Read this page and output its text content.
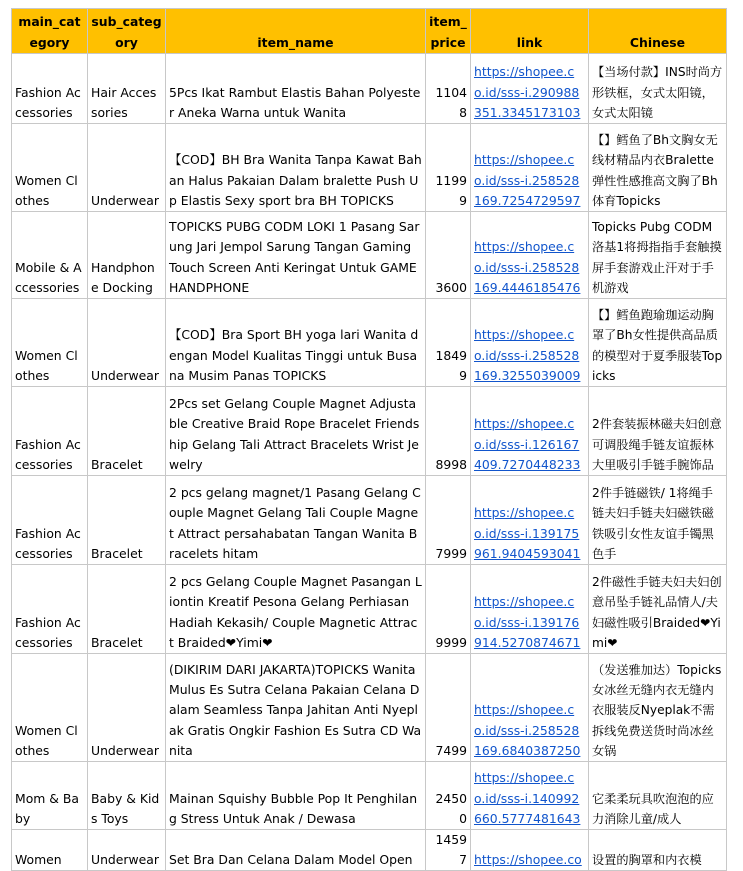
main_category	sub_category	item_name	item_price	link	Chinese
Fashion Accessories	Hair Accessories	5Pcs Ikat Rambut Elastis Bahan Polyester Aneka Warna untuk Wanita	11048	https://shopee.co.id/sss-i.290988351.3345173103	【当场付款】INS时尚方形铁框，女式太阳镜，女式太阳镜
Women Clothes	Underwear	【COD】BH Bra Wanita Tanpa Kawat Bahan Halus Pakaian Dalam bralette Push Up Elastis Sexy sport bra BH TOPICKS	11999	https://shopee.co.id/sss-i.258528169.7254729597	【】鳕鱼了Bh文胸女无线材精品内衣Bralette弹性性感推高文胸了Bh体育Topicks
Mobile & Accessories	Handphone Docking	TOPICKS PUBG CODM LOKI 1 Pasang Sarung Jari Jempol Sarung Tangan Gaming Touch Screen Anti Keringat Untuk GAME HANDPHONE	3600	https://shopee.co.id/sss-i.258528169.4446185476	Topicks Pubg CODM 洛基1将拇指指手套触摸屏手套游戏止汗对于手机游戏
Women Clothes	Underwear	【COD】Bra Sport BH yoga lari Wanita dengan Model Kualitas Tinggi untuk Busana Musim Panas TOPICKS	18499	https://shopee.co.id/sss-i.258528169.3255039009	【】鳕鱼跑瑜珈运动胸罩了Bh女性提供高品质的模型对于夏季服装Topicks
Fashion Accessories	Bracelet	2Pcs set Gelang Couple Magnet Adjustable Creative Braid Rope Bracelet Friendship Gelang Tali Attract Bracelets Wrist Jewelry	8998	https://shopee.co.id/sss-i.126167409.7270448233	2件套装振林磁夫妇创意可调股绳手链友谊振林大里吸引手链手腕饰品
Fashion Accessories	Bracelet	2 pcs gelang magnet/1 Pasang Gelang Couple Magnet Gelang Tali Couple Magnet Attract persahabatan Tangan Wanita Bracelets hitam	7999	https://shopee.co.id/sss-i.139175961.9404593041	2件手链磁铁/ 1将绳手链夫妇手链夫妇磁铁磁铁吸引女性友谊手镯黑色手
Fashion Accessories	Bracelet	2 pcs Gelang Couple Magnet Pasangan Liontin Kreatif Pesona Gelang Perhiasan Hadiah Kekasih/ Couple Magnetic Attract Braided❤Yimi❤	9999	https://shopee.co.id/sss-i.139176914.5270874671	2件磁性手链夫妇夫妇创意吊坠手链礼品情人/夫妇磁性吸引Braided❤Yimi❤
Women Clothes	Underwear	(DIKIRIM DARI JAKARTA)TOPICKS Wanita Mulus Es Sutra Celana Pakaian Celana Dalam Seamless Tanpa Jahitan Anti Nyeplak Gratis Ongkir Fashion Es Sutra CD Wanita	7499	https://shopee.co.id/sss-i.258528169.6840387250	（发送雅加达）Topicks女冰丝无缝内衣无缝内衣服装反Nyeplak不需拆线免费送货时尚冰丝女锅
Mom & Baby	Baby & Kids Toys	Mainan Squishy Bubble Pop It Penghilang Stress Untuk Anak / Dewasa	24500	https://shopee.co.id/sss-i.140992660.5777481643	它柔柔玩具吹泡泡的应力消除儿童/成人
Women	Underwear	Set Bra Dan Celana Dalam Model Open	14597	https://shopee.co	设置的胸罩和内衣模
